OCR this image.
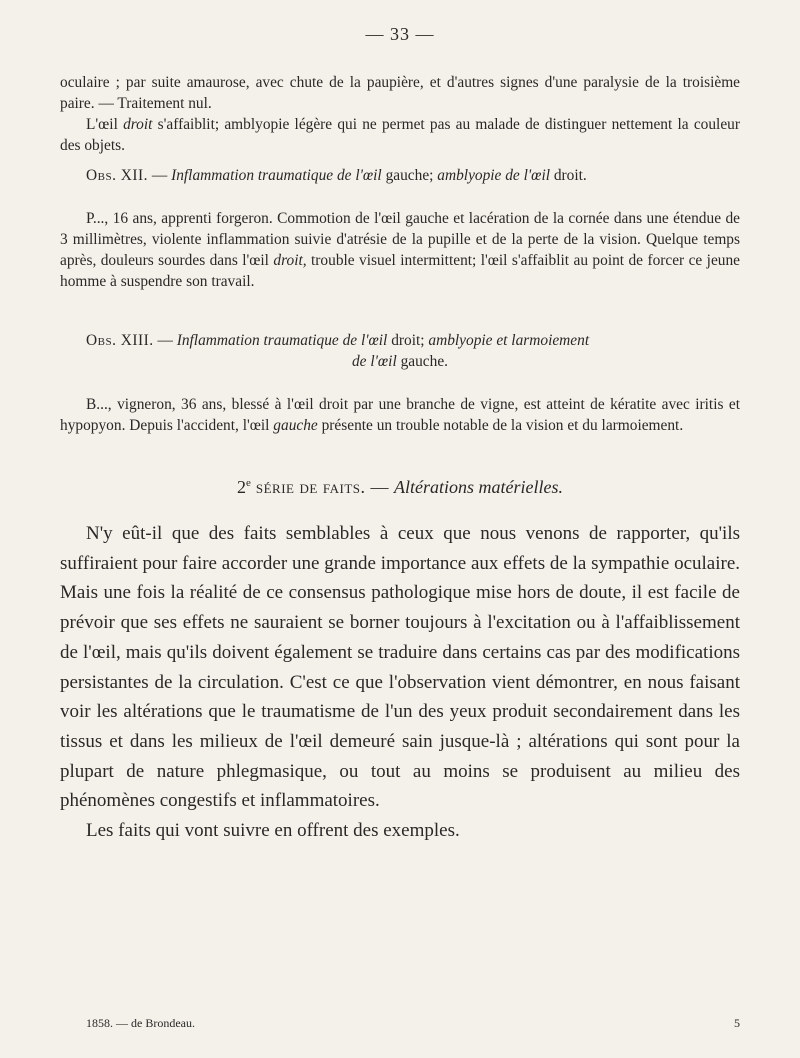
— 33 —

oculaire ; par suite amaurose, avec chute de la paupière, et d'autres signes d'une paralysie de la troisième paire. — Traitement nul.

L'œil droit s'affaiblit; amblyopie légère qui ne permet pas au malade de distinguer nettement la couleur des objets.

Obs. XII. — Inflammation traumatique de l'œil gauche; amblyopie de l'œil droit.

P..., 16 ans, apprenti forgeron. Commotion de l'œil gauche et lacération de la cornée dans une étendue de 3 millimètres, violente inflammation suivie d'atrésie de la pupille et de la perte de la vision. Quelque temps après, douleurs sourdes dans l'œil droit, trouble visuel intermittent; l'œil s'affaiblit au point de forcer ce jeune homme à suspendre son travail.

Obs. XIII. — Inflammation traumatique de l'œil droit; amblyopie et larmoiement

de l'œil gauche.

B..., vigneron, 36 ans, blessé à l'œil droit par une branche de vigne, est atteint de kératite avec iritis et hypopyon. Depuis l'accident, l'œil gauche présente un trouble notable de la vision et du larmoiement.

2e série de faits. — Altérations matérielles.

N'y eût-il que des faits semblables à ceux que nous venons de rapporter, qu'ils suffiraient pour faire accorder une grande importance aux effets de la sympathie oculaire. Mais une fois la réalité de ce consensus pathologique mise hors de doute, il est facile de prévoir que ses effets ne sauraient se borner toujours à l'excitation ou à l'affaiblissement de l'œil, mais qu'ils doivent également se traduire dans certains cas par des modifications persistantes de la circulation. C'est ce que l'observation vient démontrer, en nous faisant voir les altérations que le traumatisme de l'un des yeux produit secondairement dans les tissus et dans les milieux de l'œil demeuré sain jusque-là ; altérations qui sont pour la plupart de nature phlegmasique, ou tout au moins se produisent au milieu des phénomènes congestifs et inflammatoires.

Les faits qui vont suivre en offrent des exemples.

1858. — de Brondeau.	5
